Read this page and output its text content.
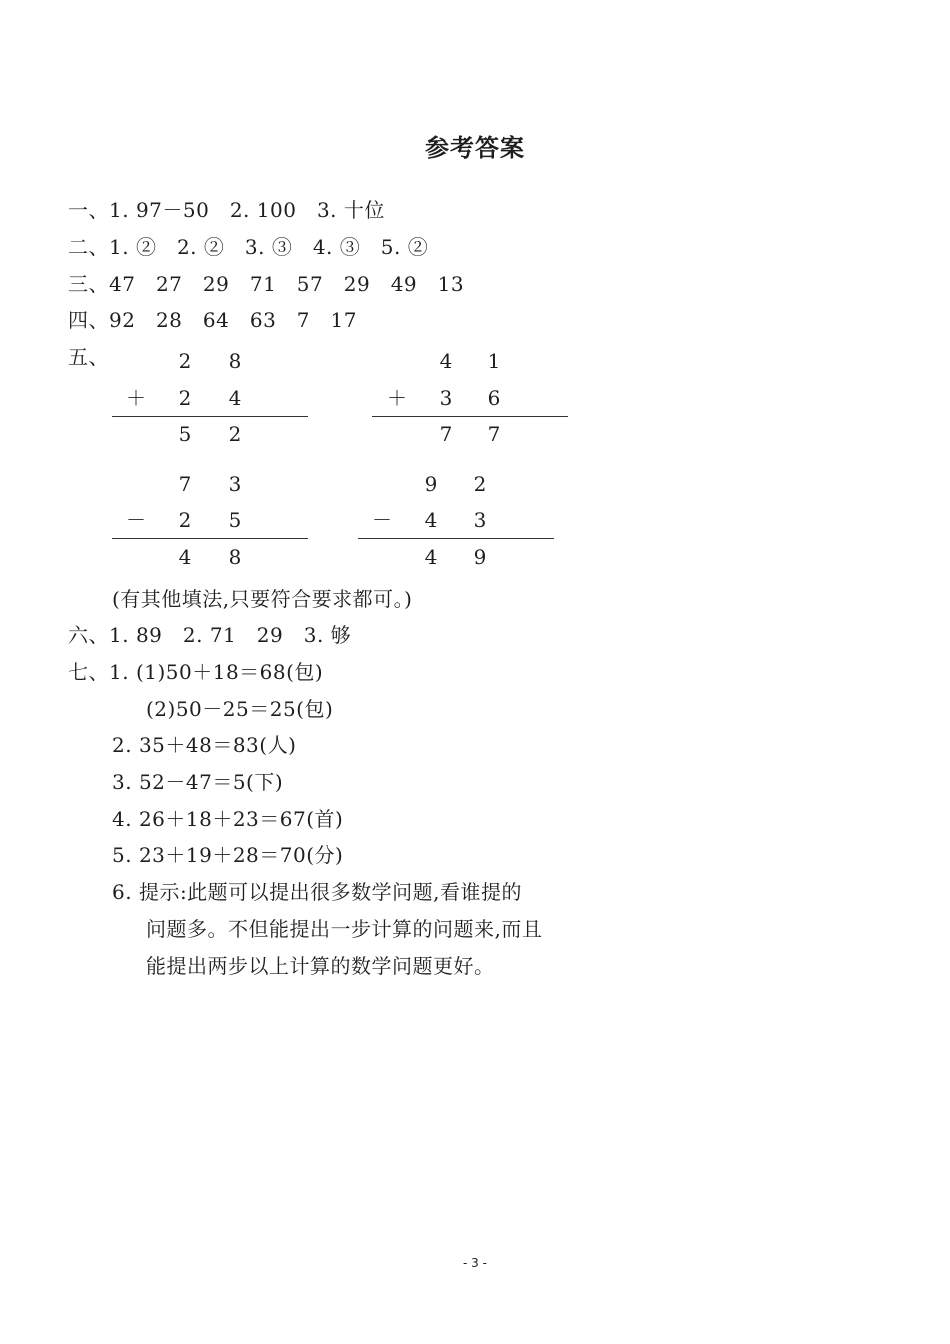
参考答案
一、1. 97－50　2. 100　3. 十位
二、1. ②　2. ②　3. ③　4. ③　5. ②
三、47　27　29　71　57　29　49　13
四、92　28　64　63　7　17
五、	2 8
＋ 2 4
5 2
4 1
＋ 3 6
7 7
7 3
－ 2 5
4 8
9 2
－ 4 3
4 9
(有其他填法,只要符合要求都可。)
六、1. 89　2. 71　29　3. 够
七、1. (1)50＋18＝68(包)
(2)50－25＝25(包)
2. 35＋48＝83(人)
3. 52－47＝5(下)
4. 26＋18＋23＝67(首)
5. 23＋19＋28＝70(分)
6. 提示:此题可以提出很多数学问题,看谁提的
问题多。不但能提出一步计算的问题来,而且
能提出两步以上计算的数学问题更好。
- 3 -
